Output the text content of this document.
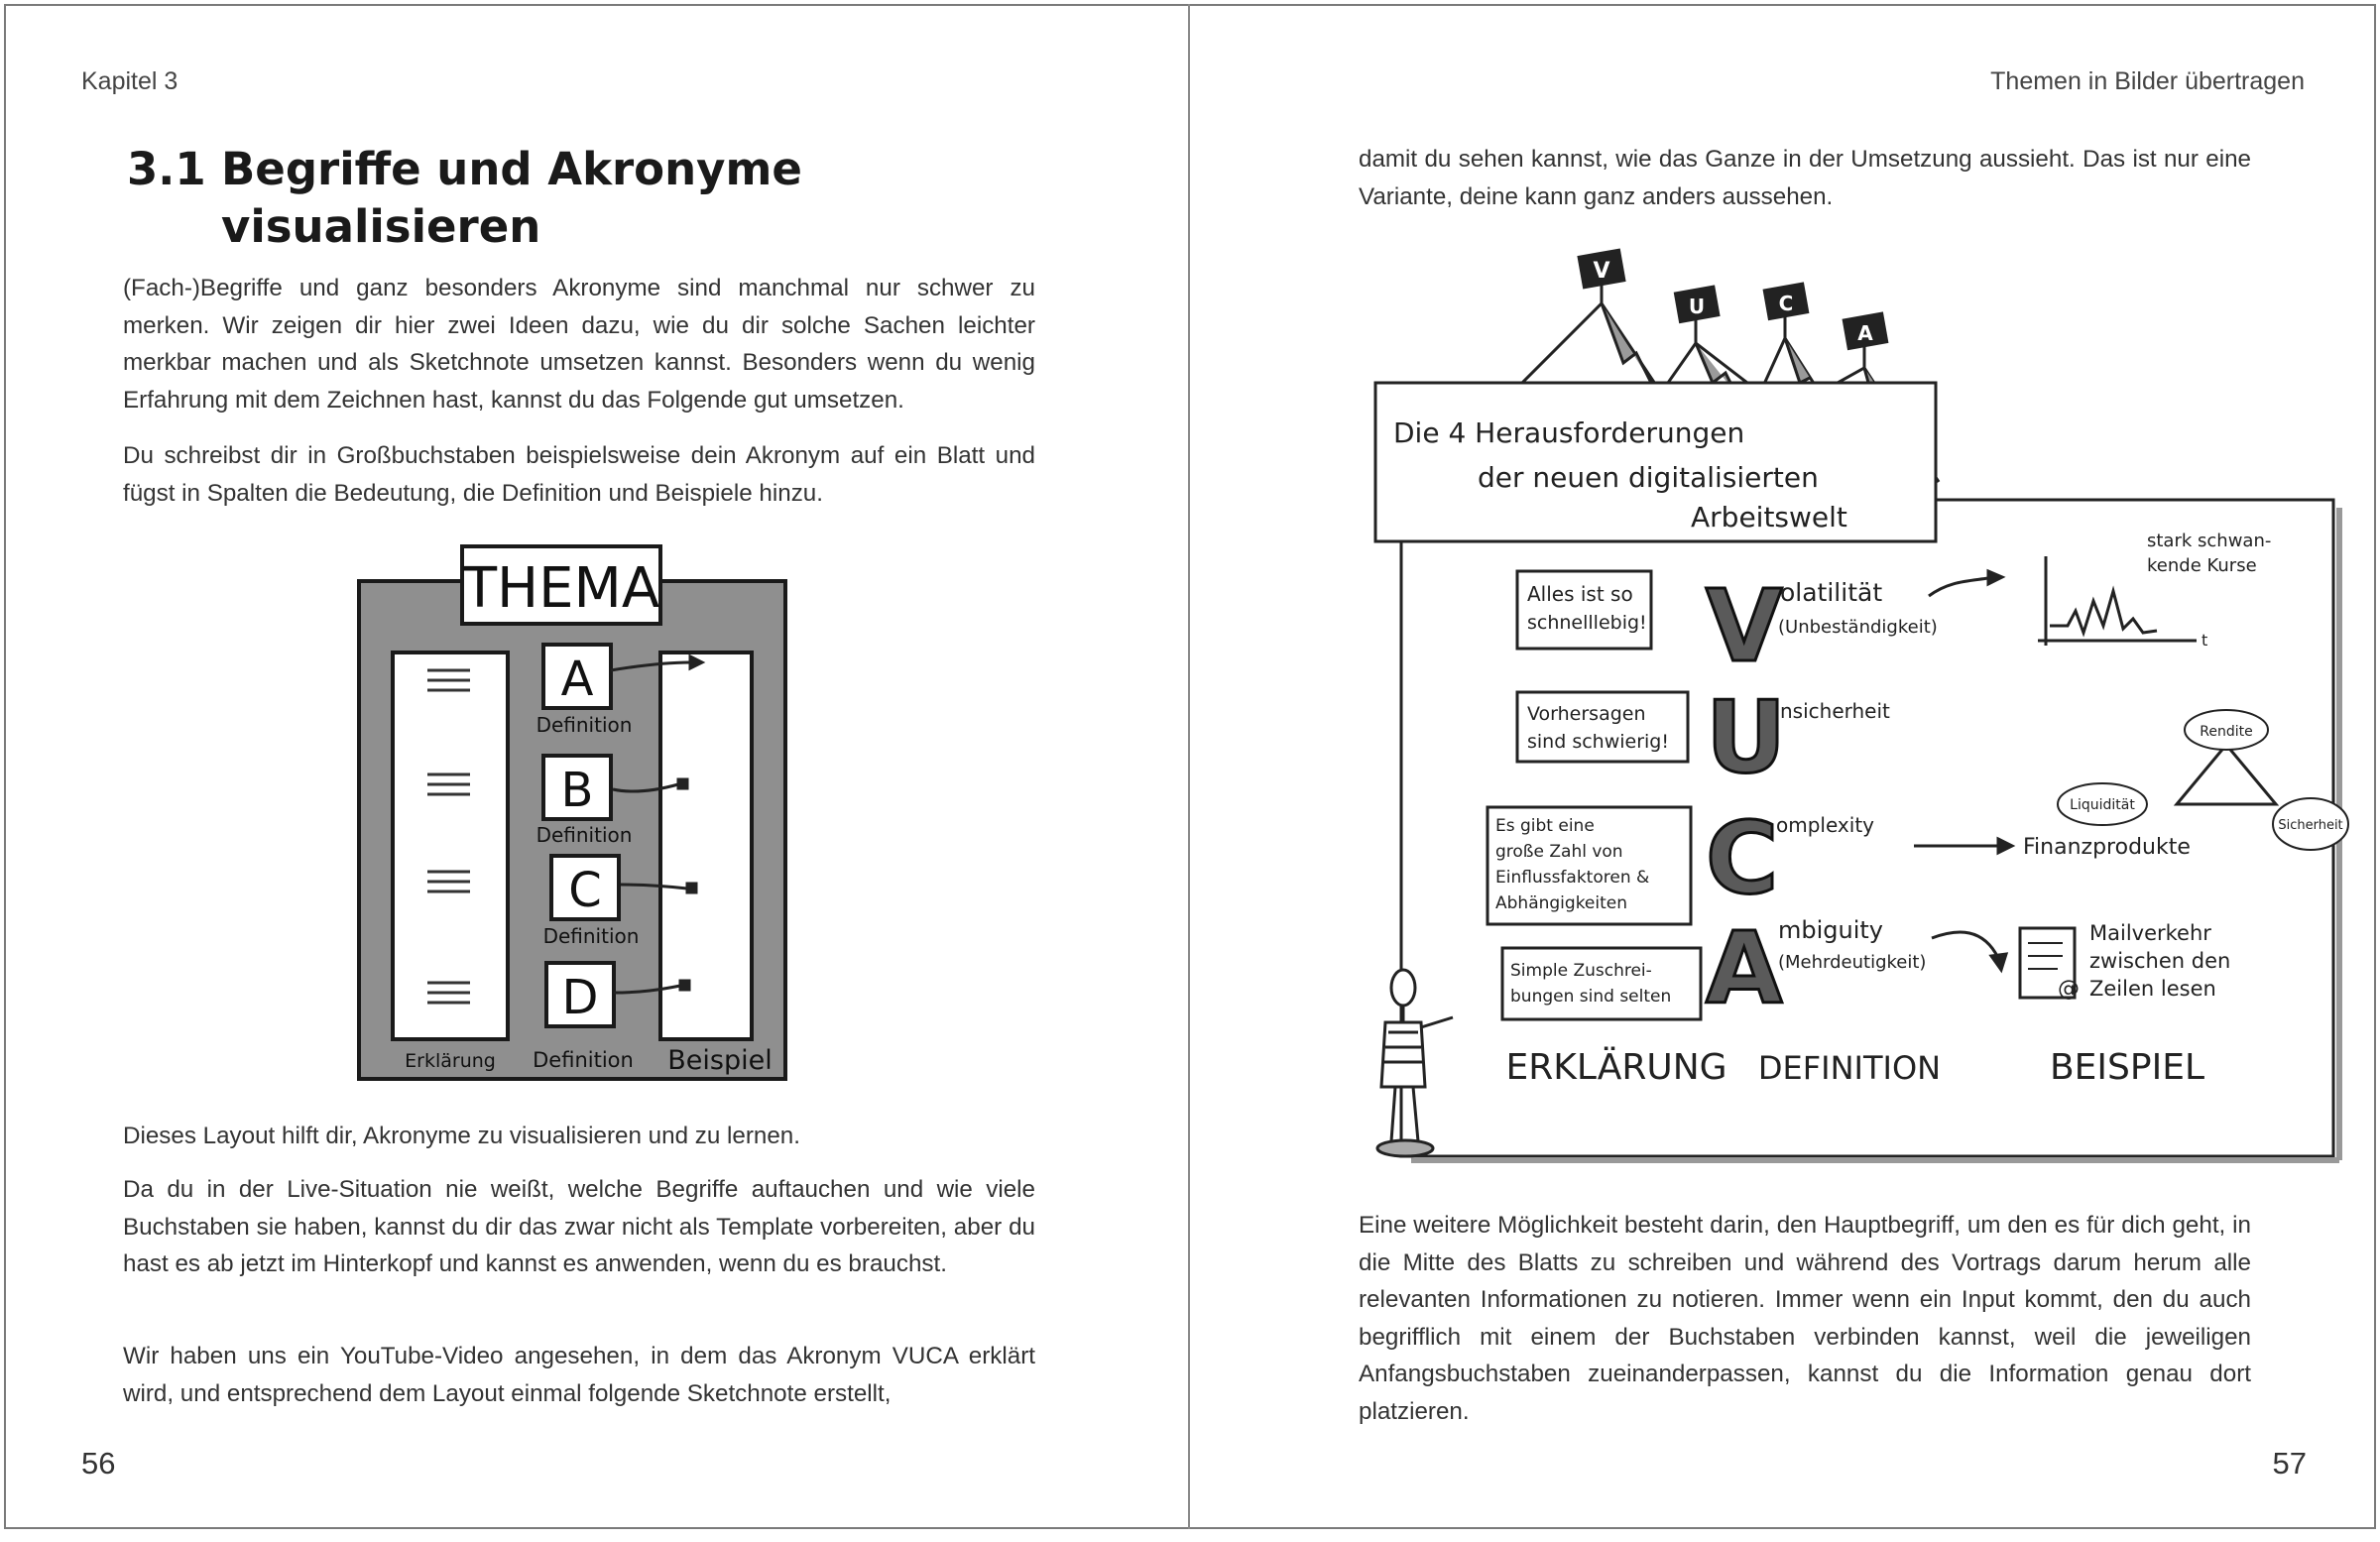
Kapitel 3
3.1 Begriffe und Akronyme
visualisieren

(Fach-)Begriffe und ganz besonders Akronyme sind manchmal nur schwer zu merken. Wir zeigen dir hier zwei Ideen dazu, wie du dir solche Sachen leichter merkbar machen und als Sketchnote umsetzen kannst. Besonders wenn du wenig Erfahrung mit dem Zeichnen hast, kannst du das Folgende gut umsetzen.

Du schreibst dir in Großbuchstaben beispielsweise dein Akronym auf ein Blatt und fügst in Spalten die Bedeutung, die Definition und Beispiele hinzu.

THEMA
A
Definition
B
Definition
C
Definition
D
Erklärung Definition Beispiel

Dieses Layout hilft dir, Akronyme zu visualisieren und zu lernen.

Da du in der Live-Situation nie weißt, welche Begriffe auftauchen und wie viele Buchstaben sie haben, kannst du dir das zwar nicht als Template vorbereiten, aber du hast es ab jetzt im Hinterkopf und kannst es anwenden, wenn du es brauchst.

Wir haben uns ein YouTube-Video angesehen, in dem das Akronym VUCA erklärt wird, und entsprechend dem Layout einmal folgende Sketchnote erstellt,

56
Themen in Bilder übertragen

damit du sehen kannst, wie das Ganze in der Umsetzung aussieht. Das ist nur eine Variante, deine kann ganz anders aussehen.

V
U	C
A
Die 4 Herausforderungen
der neuen digitalisierten
Arbeitswelt
Alles ist so
schnelllebig!
Vorhersagen
sind schwierig!
Es gibt eine
große Zahl von
Einflussfaktoren &
Abhängigkeiten
Simple Zuschrei-
bungen sind selten
V
U
C
A
olatilität
(Unbeständigkeit)
nsicherheit
omplexity
mbiguity
(Mehrdeutigkeit)
stark schwan-
kende Kurse
t
Rendite
Liquidität
Sicherheit
Finanzprodukte
@
Mailverkehr
zwischen den
Zeilen lesen
ERKLÄRUNG DEFINITION	BEISPIEL

Eine weitere Möglichkeit besteht darin, den Hauptbegriff, um den es für dich geht, in die Mitte des Blatts zu schreiben und während des Vortrags darum herum alle relevanten Informationen zu notieren. Immer wenn ein Input kommt, den du auch begrifflich mit einem der Buchstaben verbinden kannst, weil die jeweiligen Anfangsbuchstaben zueinanderpassen, kannst du die Information genau dort platzieren.

57
